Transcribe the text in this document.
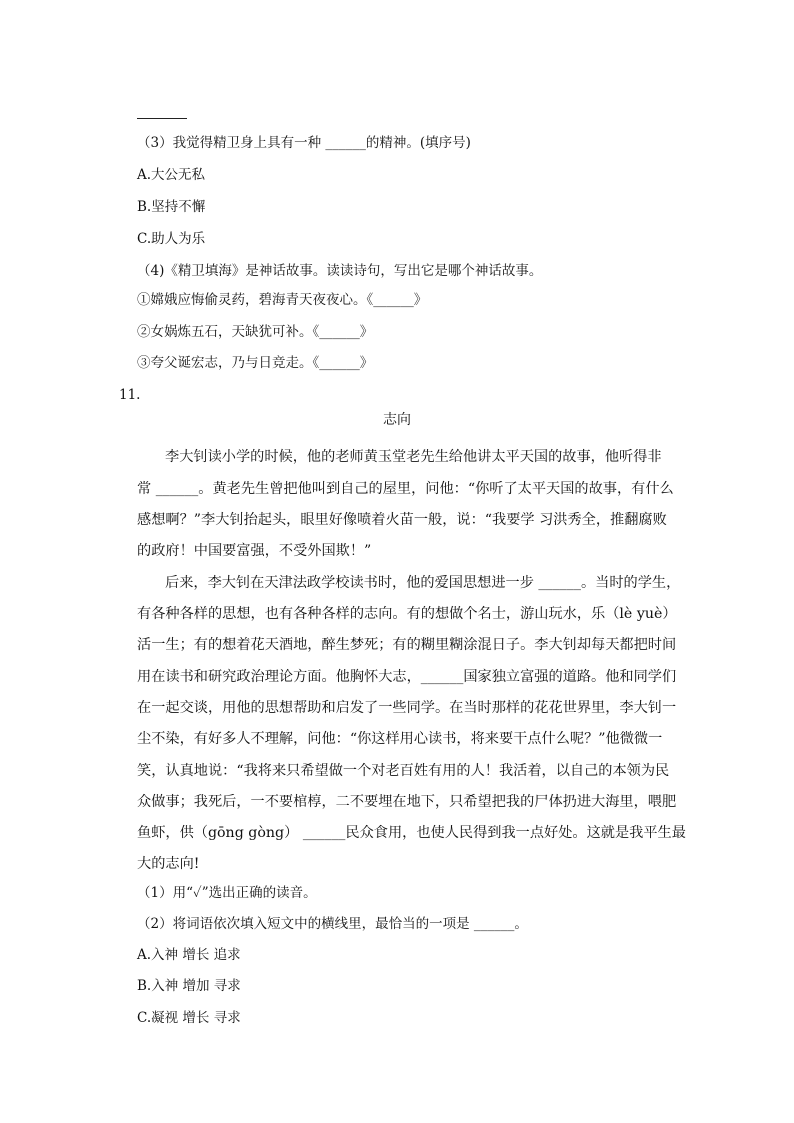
（3）我觉得精卫身上具有一种 ______的精神。(填序号)
A.大公无私
B.坚持不懈
C.助人为乐
（4)《精卫填海》是神话故事。读读诗句，写出它是哪个神话故事。
①嫦娥应悔偷灵药，碧海青天夜夜心。《______》
②女娲炼五石，天缺犹可补。《______》
③夸父诞宏志，乃与日竞走。《______》
11.
志向
李大钊读小学的时候，他的老师黄玉堂老先生给他讲太平天国的故事，他听得非
常 ______。黄老先生曾把他叫到自己的屋里，问他：“你听了太平天国的故事，有什么
感想啊？”李大钊抬起头，眼里好像喷着火苗一般，说：“我要学 习洪秀全，推翻腐败
的政府！中国要富强，不受外国欺！”
后来，李大钊在天津法政学校读书时，他的爱国思想进一步 ______。当时的学生，
有各种各样的思想，也有各种各样的志向。有的想做个名士，游山玩水，乐（lè yuè）
活一生；有的想着花天酒地，醉生梦死；有的糊里糊涂混日子。李大钊却每天都把时间
用在读书和研究政治理论方面。他胸怀大志，______国家独立富强的道路。他和同学们
在一起交谈，用他的思想帮助和启发了一些同学。在当时那样的花花世界里，李大钊一
尘不染，有好多人不理解，问他：“你这样用心读书，将来要干点什么呢？”他微微一
笑，认真地说：“我将来只希望做一个对老百姓有用的人！我活着，以自己的本领为民
众做事；我死后，一不要棺椁，二不要埋在地下，只希望把我的尸体扔进大海里，喂肥
鱼虾，供（gōng gòng） ______民众食用，也使人民得到我一点好处。这就是我平生最
大的志向!
（1）用“✓”选出正确的读音。
（2）将词语依次填入短文中的横线里，最恰当的一项是 ______。
A.入神 增长 追求
B.入神 增加 寻求
C.凝视 增长 寻求
